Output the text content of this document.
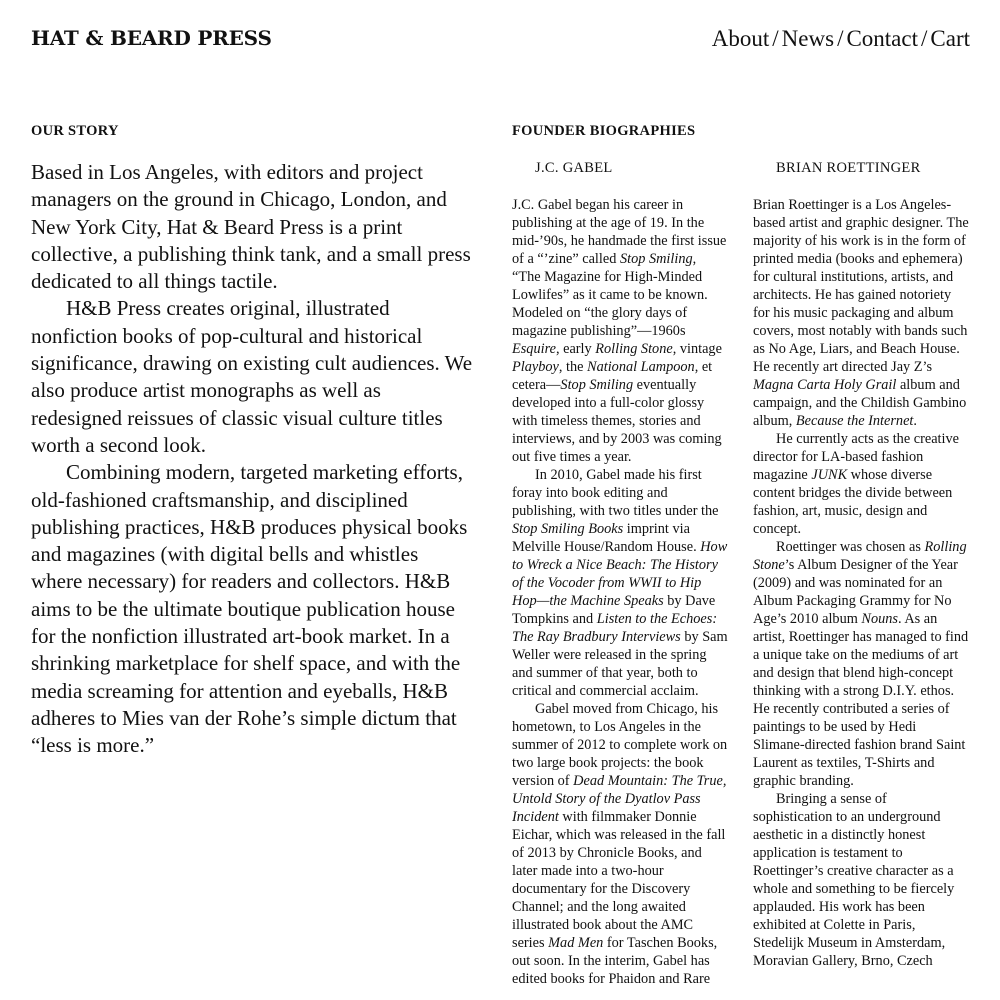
HAT & BEARD PRESS	About / News / Contact / Cart
OUR STORY	FOUNDER BIOGRAPHIES

Based in Los Angeles, with editors and project managers on the ground in Chicago, London, and New York City, Hat & Beard Press is a print collective, a publishing think tank, and a small press dedicated to all things tactile.

H&B Press creates original, illustrated nonfiction books of pop-cultural and historical significance, drawing on existing cult audiences. We also produce artist monographs as well as redesigned reissues of classic visual culture titles worth a second look.

Combining modern, targeted marketing efforts, old-fashioned craftsmanship, and disciplined publishing practices, H&B produces physical books and magazines (with digital bells and whistles where necessary) for readers and collectors. H&B aims to be the ultimate boutique publication house for the nonfiction illustrated art-book market. In a shrinking marketplace for shelf space, and with the media screaming for attention and eyeballs, H&B adheres to Mies van der Rohe’s simple dictum that “less is more.”

J.C. GABEL

J.C. Gabel began his career in publishing at the age of 19. In the mid-’90s, he handmade the first issue of a “’zine” called Stop Smiling, “The Magazine for High-Minded Lowlifes” as it came to be known. Modeled on “the glory days of magazine publishing”—1960s Esquire, early Rolling Stone, vintage Playboy, the National Lampoon, et cetera—Stop Smiling eventually developed into a full-color glossy with timeless themes, stories and interviews, and by 2003 was coming out five times a year.

In 2010, Gabel made his first foray into book editing and publishing, with two titles under the Stop Smiling Books imprint via Melville House/Random House. How to Wreck a Nice Beach: The History of the Vocoder from WWII to Hip Hop—the Machine Speaks by Dave Tompkins and Listen to the Echoes: The Ray Bradbury Interviews by Sam Weller were released in the spring and summer of that year, both to critical and commercial acclaim.

Gabel moved from Chicago, his hometown, to Los Angeles in the summer of 2012 to complete work on two large book projects: the book version of Dead Mountain: The True, Untold Story of the Dyatlov Pass Incident with filmmaker Donnie Eichar, which was released in the fall of 2013 by Chronicle Books, and later made into a two-hour documentary for the Discovery Channel; and the long awaited illustrated book about the AMC series Mad Men for Taschen Books, out soon. In the interim, Gabel has edited books for Phaidon and Rare

BRIAN ROETTINGER

Brian Roettinger is a Los Angeles-based artist and graphic designer. The majority of his work is in the form of printed media (books and ephemera) for cultural institutions, artists, and architects. He has gained notoriety for his music packaging and album covers, most notably with bands such as No Age, Liars, and Beach House. He recently art directed Jay Z’s Magna Carta Holy Grail album and campaign, and the Childish Gambino album, Because the Internet.

He currently acts as the creative director for LA-based fashion magazine JUNK whose diverse content bridges the divide between fashion, art, music, design and concept.

Roettinger was chosen as Rolling Stone’s Album Designer of the Year (2009) and was nominated for an Album Packaging Grammy for No Age’s 2010 album Nouns. As an artist, Roettinger has managed to find a unique take on the mediums of art and design that blend high-concept thinking with a strong D.I.Y. ethos. He recently contributed a series of paintings to be used by Hedi Slimane-directed fashion brand Saint Laurent as textiles, T-Shirts and graphic branding.

Bringing a sense of sophistication to an underground aesthetic in a distinctly honest application is testament to Roettinger’s creative character as a whole and something to be fiercely applauded. His work has been exhibited at Colette in Paris, Stedelijk Museum in Amsterdam, Moravian Gallery, Brno, Czech
